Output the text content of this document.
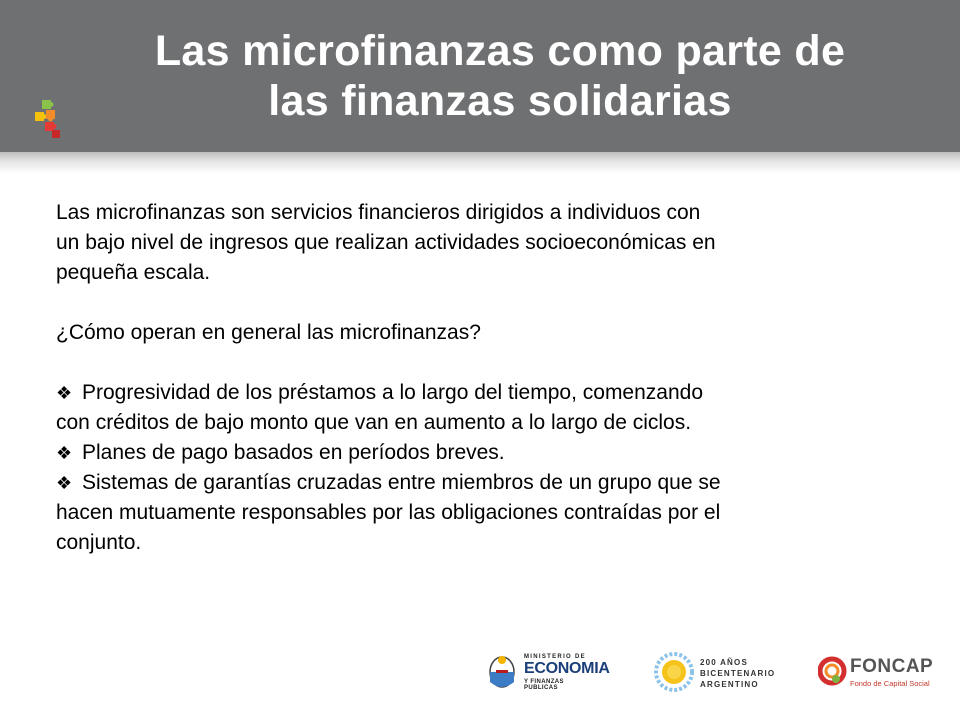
Las microfinanzas como parte de
las finanzas solidarias

Las microfinanzas son servicios financieros dirigidos a individuos con
un bajo nivel de ingresos que realizan actividades socioeconómicas en
pequeña escala.

¿Cómo operan en general las microfinanzas?

❖ Progresividad de los préstamos a lo largo del tiempo, comenzando
con créditos de bajo monto que van en aumento a lo largo de ciclos.

❖ Planes de pago basados en períodos breves.

❖ Sistemas de garantías cruzadas entre miembros de un grupo que se
hacen mutuamente responsables por las obligaciones contraídas por el
conjunto.

MINISTERIO DE
ECONOMIA
Y FINANZAS PUBLICAS
200 AÑOS
BICENTENARIO
ARGENTINO
FONCAP
Fondo de Capital Social
